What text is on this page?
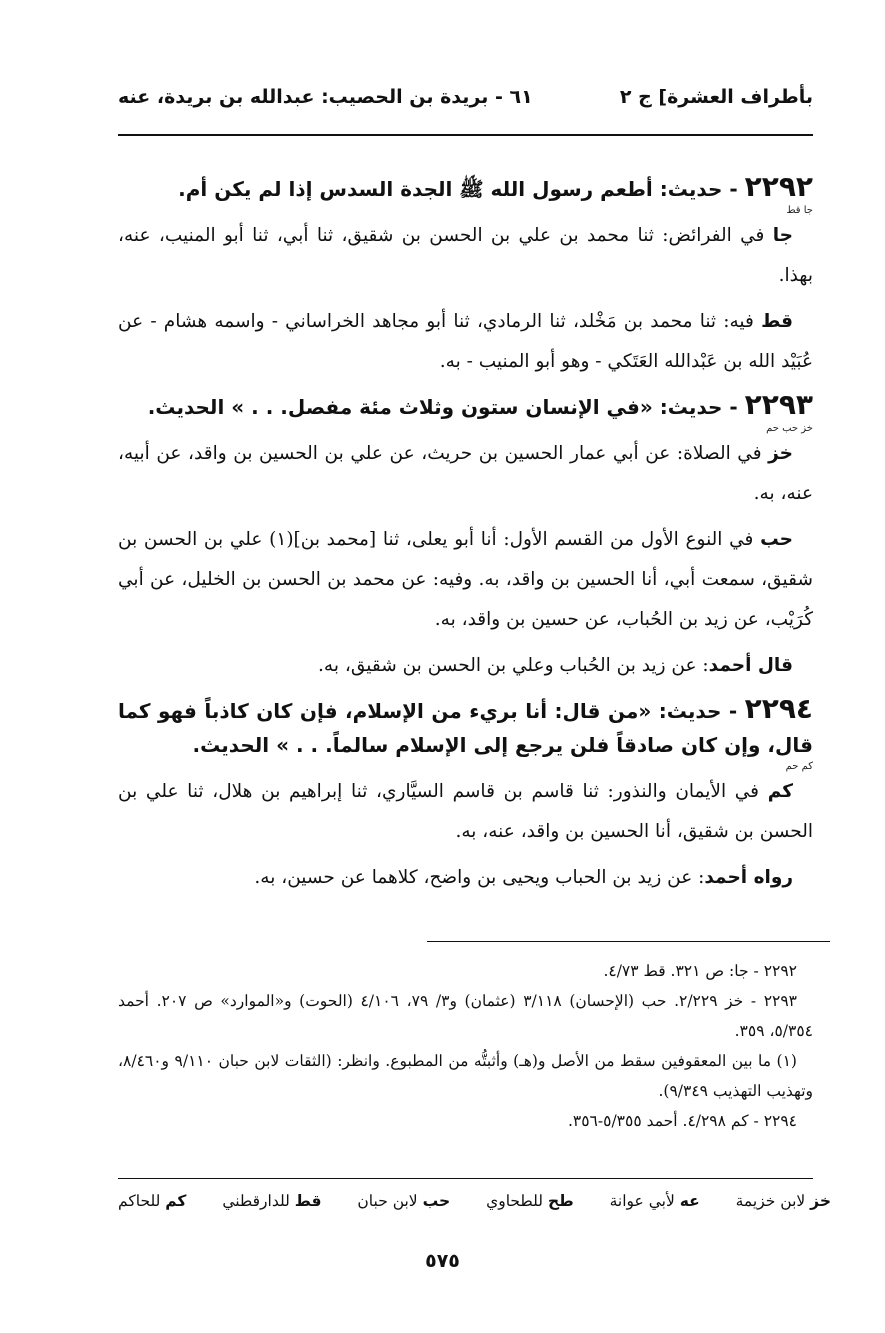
بأطراف العشرة] ج ٢
٦١ - بريدة بن الحصيب: عبدالله بن بريدة، عنه

٢٢٩٢ - حديث: أطعم رسول الله ﷺ الجدة السدس إذا لم يكن أم.

جا قط

جا في الفرائض: ثنا محمد بن علي بن الحسن بن شقيق، ثنا أبي، ثنا أبو المنيب، عنه، بهذا.

قط فيه: ثنا محمد بن مَخْلد، ثنا الرمادي، ثنا أبو مجاهد الخراساني - واسمه هشام - عن عُبَيْد الله بن عَبْدالله العَتَكي - وهو أبو المنيب - به.

٢٢٩٣ - حديث: «في الإنسان ستون وثلاث مئة مفصل. . . » الحديث.

خز حب حم

خز في الصلاة: عن أبي عمار الحسين بن حريث، عن علي بن الحسين بن واقد، عن أبيه، عنه، به.

حب في النوع الأول من القسم الأول: أنا أبو يعلى، ثنا [محمد بن](١) علي بن الحسن بن شقيق، سمعت أبي، أنا الحسين بن واقد، به. وفيه: عن محمد بن الحسن بن الخليل، عن أبي كُرَيْب، عن زيد بن الحُباب، عن حسين بن واقد، به.

قال أحمد: عن زيد بن الحُباب وعلي بن الحسن بن شقيق، به.

٢٢٩٤ - حديث: «من قال: أنا بريء من الإسلام، فإن كان كاذباً فهو كما قال، وإن كان صادقاً فلن يرجع إلى الإسلام سالماً. . . » الحديث.

كم حم

كم في الأيمان والنذور: ثنا قاسم بن قاسم السيَّاري، ثنا إبراهيم بن هلال، ثنا علي بن الحسن بن شقيق، أنا الحسين بن واقد، عنه، به.

رواه أحمد: عن زيد بن الحباب ويحيى بن واضح، كلاهما عن حسين، به.

٢٢٩٢ - جا: ص ٣٢١. قط ٤/٧٣.

٢٢٩٣ - خز ٢/٢٢٩. حب (الإحسان) ٣/١١٨ (عثمان) و٣/ ٧٩، ٤/١٠٦ (الحوت) و«الموارد» ص ٢٠٧. أحمد ٥/٣٥٤، ٣٥٩.

(١) ما بين المعقوفين سقط من الأصل و(هـ) وأثبتُّه من المطبوع. وانظر: (الثقات لابن حبان ٩/١١٠ و٨/٤٦٠، وتهذيب التهذيب ٩/٣٤٩).

٢٢٩٤ - كم ٤/٢٩٨. أحمد ٥/٣٥٥-٣٥٦.

خز لابن خزيمة
عه لأبي عوانة
طح للطحاوي
حب لابن حبان
قط للدارقطني
كم للحاكم
٥٧٥
